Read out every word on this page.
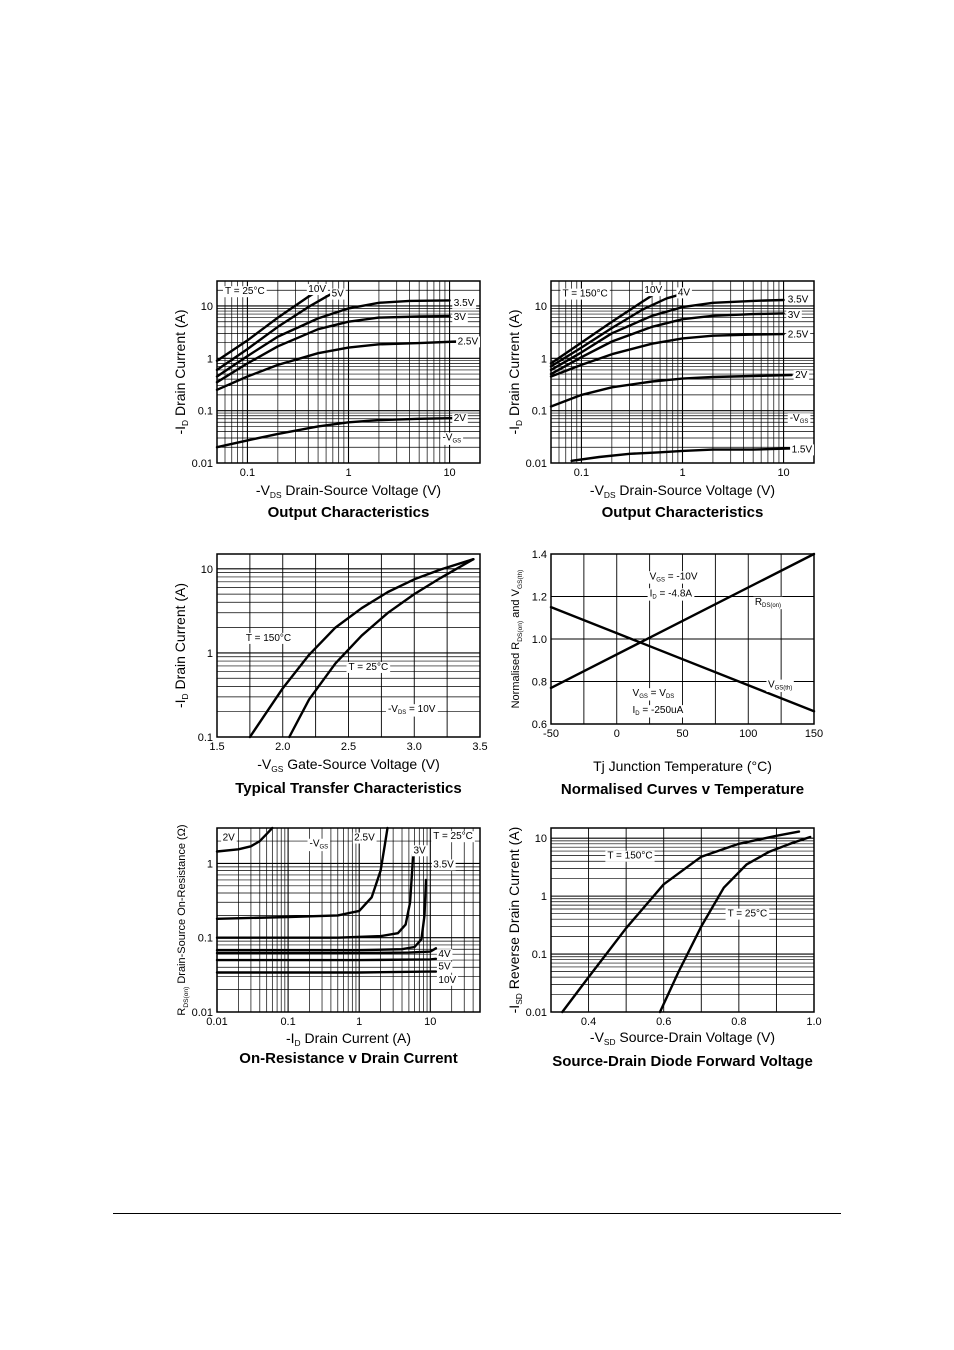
10V 5V
3.5V
3V
2.5V
2V
T = 25°C
-VGS
0.1	1	10
0.01
0.1
1
10
-VDS Drain-Source Voltage (V)
-ID Drain Current (A)
Output Characteristics
10V 4V
3.5V
3V
2.5V
2V
1.5V
T = 150°C
-VGS
0.1	1	10
0.01
0.1
1
10
-VDS Drain-Source Voltage (V)
-ID Drain Current (A)
Output Characteristics
T = 150°C
T = 25°C
-VDS = 10V
1.5	2.0	2.5	3.0	3.5
0.1
1
10
-VGS Gate-Source Voltage (V)
-ID Drain Current (A)
Typical Transfer Characteristics
RDS(on)
VGS(th)
VGS = -10V
ID = -4.8A
VGS = VDS
ID = -250uA
-50	0	50	100	150
0.6
0.8
1.0
1.2
1.4
Tj Junction Temperature (°C)
Normalised RDS(on) and VGS(th)
Normalised Curves v Temperature
2V	2.5V
3V
3.5V
4V
5V
10V
-VGS
T = 25°C
0.01	0.1	1	10
0.01
0.1
1
-ID Drain Current (A)
RDS(on) Drain-Source On-Resistance (Ω)
On-Resistance v Drain Current
T = 150°C
T = 25°C
0.4	0.6	0.8	1.0
0.01
0.1
1
10
-VSD Source-Drain Voltage (V)
-ISD Reverse Drain Current (A)
Source-Drain Diode Forward Voltage
